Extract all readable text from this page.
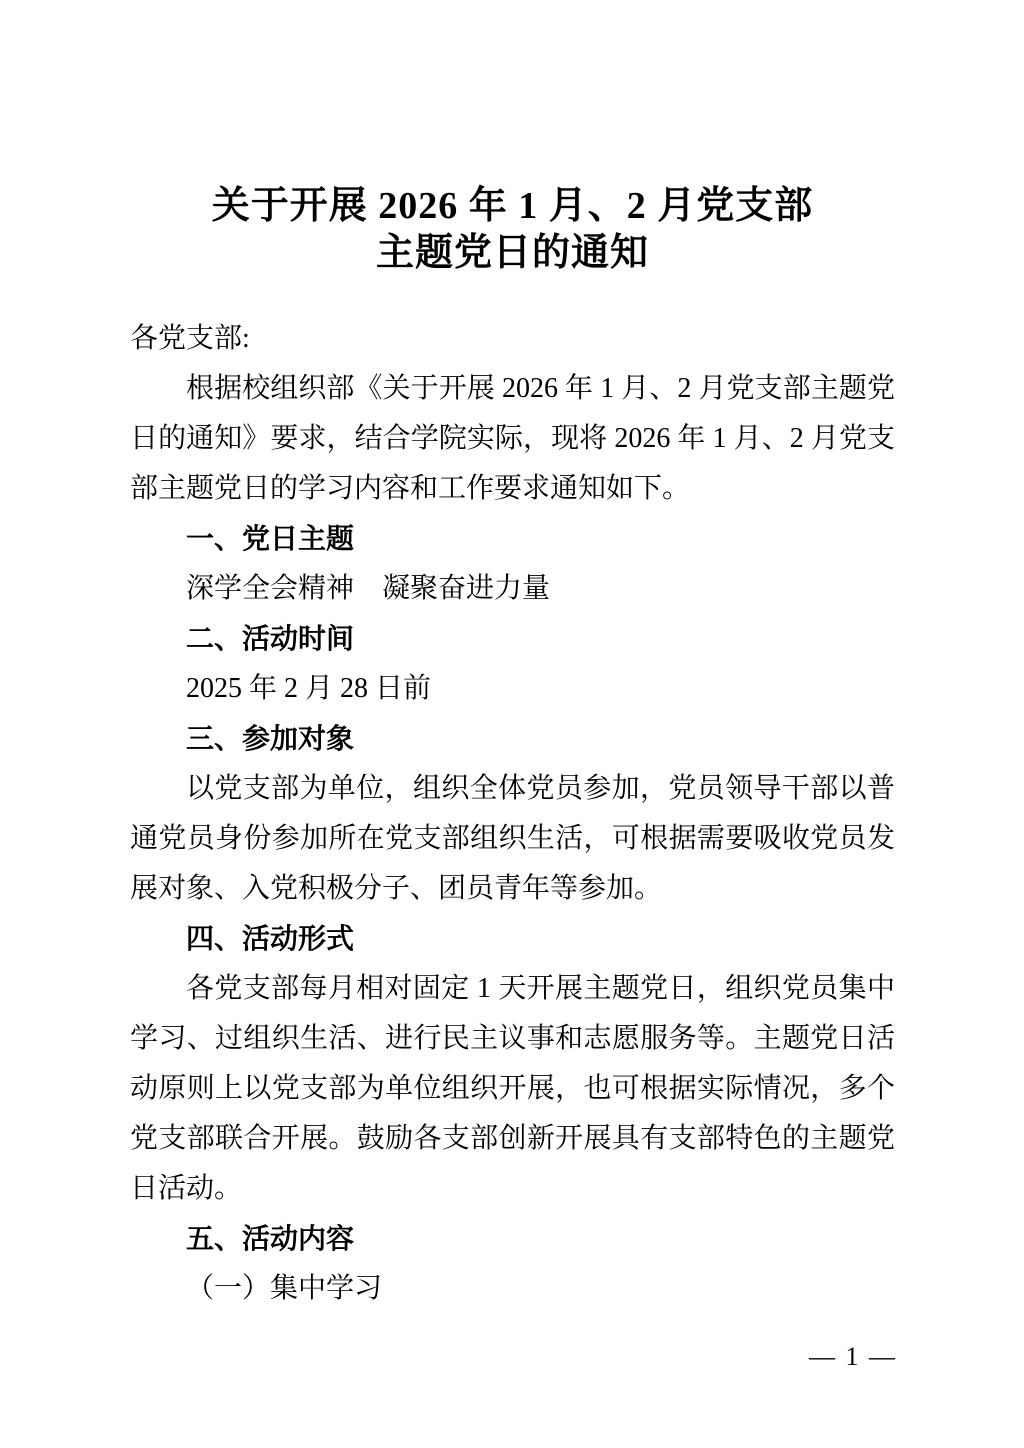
关于开展 2026 年 1 月、2 月党支部
主题党日的通知

各党支部:

根据校组织部《关于开展 2026 年 1 月、2 月党支部主题党日的通知》要求，结合学院实际，现将 2026 年 1 月、2 月党支部主题党日的学习内容和工作要求通知如下。

一、党日主题

深学全会精神　凝聚奋进力量

二、活动时间

2025 年 2 月 28 日前

三、参加对象

以党支部为单位，组织全体党员参加，党员领导干部以普通党员身份参加所在党支部组织生活，可根据需要吸收党员发展对象、入党积极分子、团员青年等参加。

四、活动形式

各党支部每月相对固定 1 天开展主题党日，组织党员集中学习、过组织生活、进行民主议事和志愿服务等。主题党日活动原则上以党支部为单位组织开展，也可根据实际情况，多个党支部联合开展。鼓励各支部创新开展具有支部特色的主题党日活动。

五、活动内容

（一）集中学习

— 1 —
